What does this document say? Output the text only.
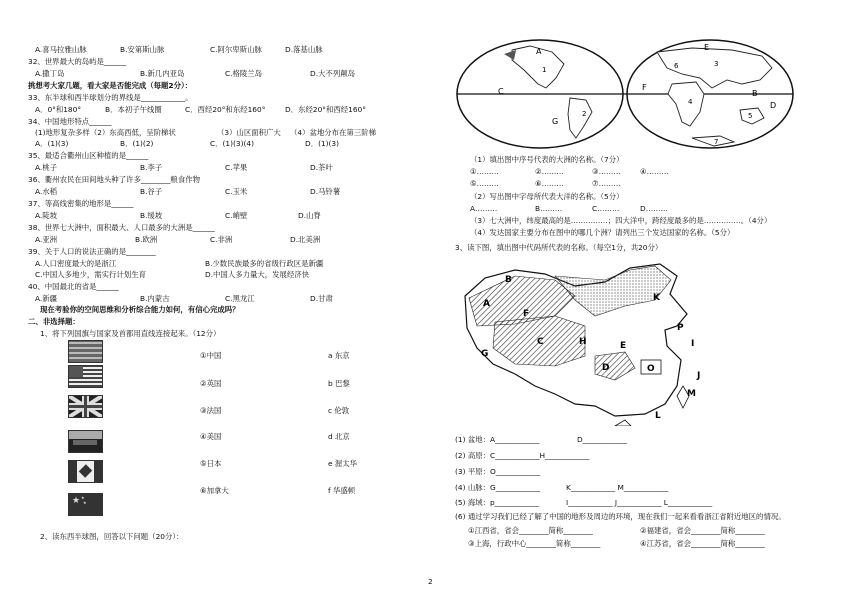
A.喜马拉雅山脉	B.安第斯山脉	C.阿尔卑斯山脉	D.落基山脉
32、世界最大的岛屿是______
A.撒丁岛	B.新几内亚岛	C.格陵兰岛	D.大不列颠岛
挑想考大家几题，看大家是否能完成（每题2分）：
33、东半球和西半球划分的界线是____________。
A．0°和180°	B．本初子午线圈	C．西经20°和东经160°	D．东经20°和西经160°
34、中国地形特点______
(1)地形复杂多样（2）东高西低，呈阶梯状	（3）山区面积广大 （4）盆地分布在第三阶梯
A．(1)(3)	B．(1)(2)	C．(1)(3)(4)	D．(1)(3)
35、最适合衢州山区种植的是______
A.桃子	B.李子	C.苹果	D.茶叶
36、衢州农民在田间地头种了许多________粮食作物
A.水稻	B.谷子	C.玉米	D.马铃薯
37、等高线密集的地形是______
A.陡坡	B.缓坡	C.峭壁	D.山脊
38、世界七大洲中，面积最大、人口最多的大洲是______
A.亚洲	B.欧洲	C.非洲	D.北美洲
39、关于人口的说法正确的是________
A.人口密度最大的是浙江	B.少数民族最多的省级行政区是新疆
C.中国人多地少，需实行计划生育	D.中国人多力量大，发展经济快
40、中国最北的省是______
A.新疆	B.内蒙古	C.黑龙江	D.甘肃
现在考验你的空间思维和分析综合能力如何，有信心完成吗？
二、非选择题：
1、将下列国旗与国家及首都用直线连接起来。（12分）
★ ★
★
①中国
②英国
③法国
④美国
⑤日本
⑥加拿大
a 东京
b 巴黎
c 伦敦
d 北京
e 渥太华
f 华盛顿
2、读东西半球图，回答以下问题（20分）：
A
B
C
D
E
F
G
1
2
3
4
5
6
7
（1）填出图中序号代表的大洲的名称。（7分）
①………	②………	③………	④………
⑤………	⑥………	⑦………
（2）写出图中字母所代表大洋的名称。（5分）
A………	B………	C………	D………
（3）七大洲中，纬度最高的是……………；四大洋中，跨经度最多的是……………。（4分）
（4）发达国家主要分布在图中的哪几个洲？请列出三个发达国家的名称。（5分）
3、读下图，填出图中代码所代表的名称。（每空1分，共20分）
A
B
C
D
E
F
G
H	I
J
K
L
M
O
P
(1) 盆地：A____________	D____________
(2) 高原：C____________H____________
(3) 平原：O____________
(4) 山脉：G____________	K____________ M____________
(5) 海域：p____________	I____________ J____________ L____________
(6) 通过学习我们已经了解了中国的地形及周边的环境，现在我们一起来看看浙江省附近地区的情况。
①江西省，省会________简称________	②福建省，省会________简称________
③上海，行政中心________简称________	④江苏省，省会________简称________
2
